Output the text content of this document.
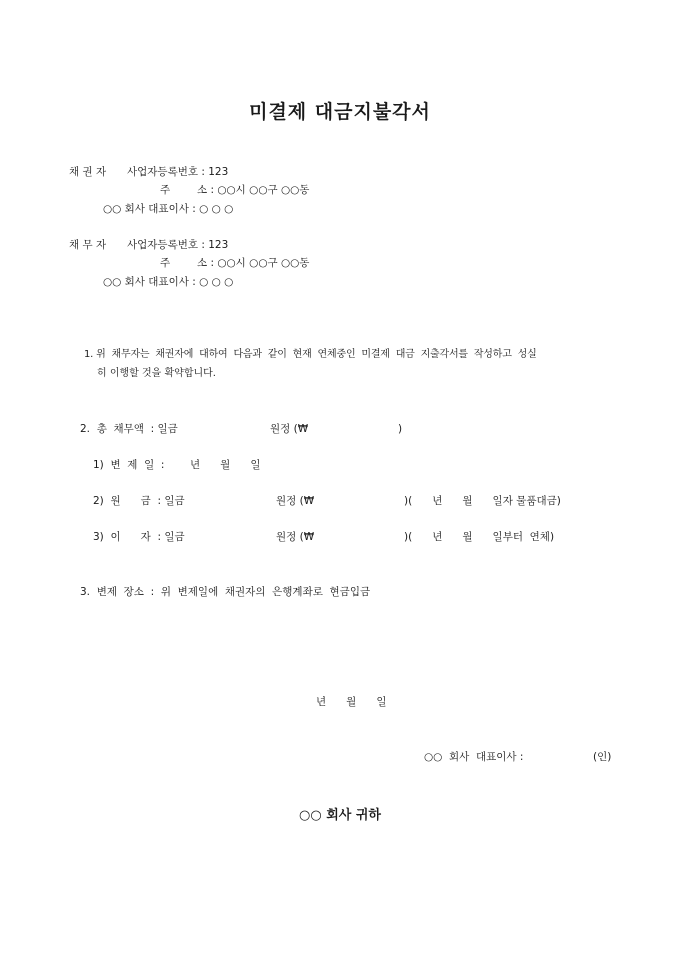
미결제 대금지불각서
채 권 자 사업자등록번호 : 123
주	소 : ○○시 ○○구 ○○동
○○ 회사 대표이사 : ○ ○ ○
채 무 자 사업자등록번호 : 123
주	소 : ○○시 ○○구 ○○동
○○ 회사 대표이사 : ○ ○ ○
1. 위  채무자는  채권자에  대하여  다음과  같이  현재  연체중인  미결제  대금  지출각서를  작성하고  성실
히 이행할 것을 확약합니다.
2.  총  채무액  : 일금	원정 (₩	)
1)  변  제  일  : 년      월      일
2)  원      금  : 일금	원정 (₩	)(      년      월      일자 물품대금)
3)  이      자  : 일금	원정 (₩	)(      년      월      일부터  연체)
3.  변제  장소  :  위  변제일에  채권자의  은행계좌로  현금입금
년      월      일
○○  회사  대표이사 :	(인)
○○ 회사 귀하
